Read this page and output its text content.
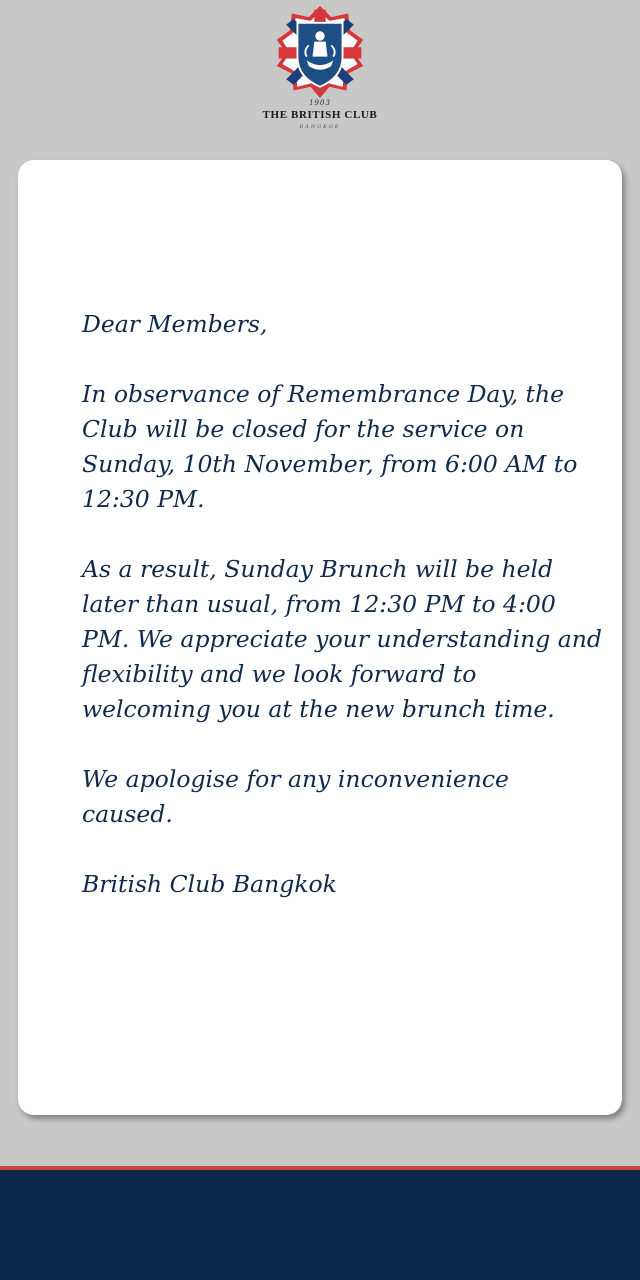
1903
THE BRITISH CLUB
BANGKOK

Dear Members,

In observance of Remembrance Day, the Club will be closed for the service on Sunday, 10th November, from 6:00 AM to 12:30 PM.

As a result, Sunday Brunch will be held later than usual, from 12:30 PM to 4:00 PM. We appreciate your understanding and flexibility and we look forward to welcoming you at the new brunch time.

We apologise for any inconvenience caused.

British Club Bangkok
